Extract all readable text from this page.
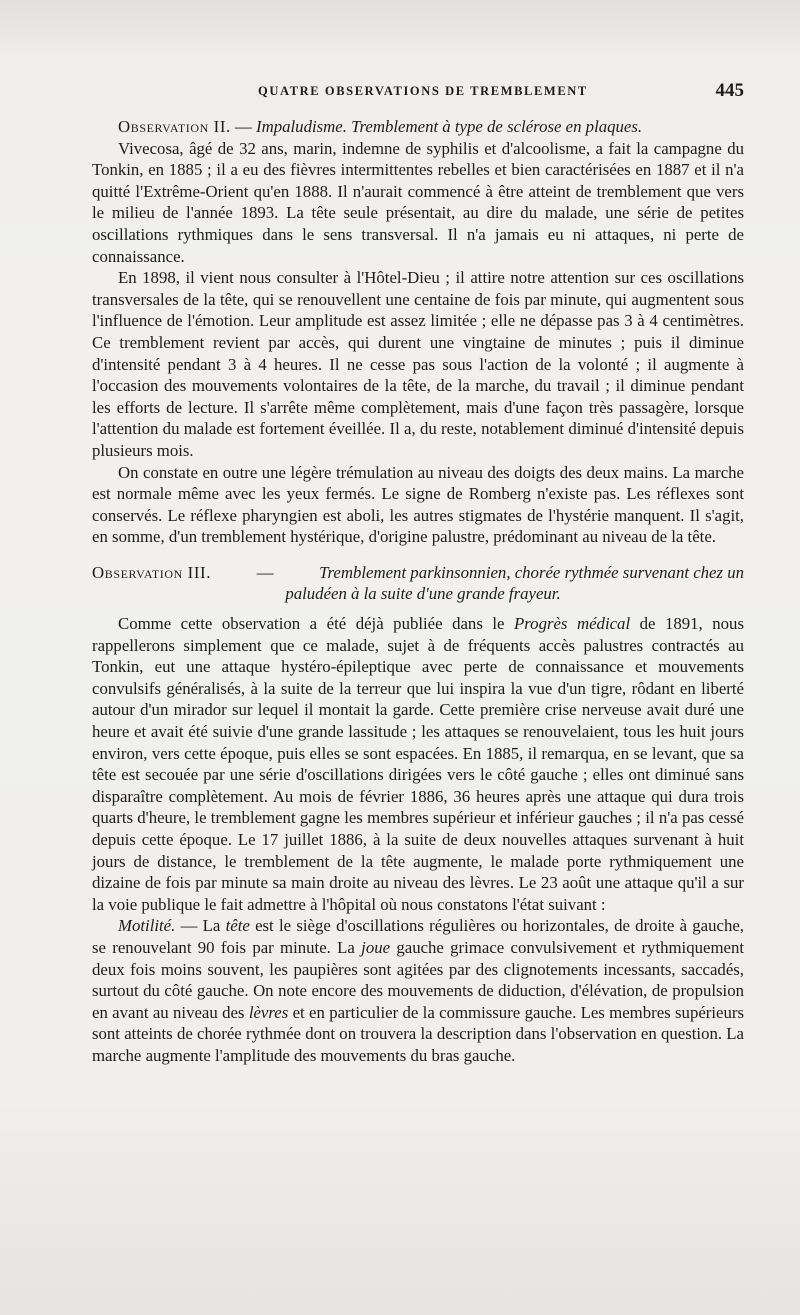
QUATRE OBSERVATIONS DE TREMBLEMENT	445

Observation II. — Impaludisme. Tremblement à type de sclérose en plaques.

Vivecosa, âgé de 32 ans, marin, indemne de syphilis et d'alcoolisme, a fait la campagne du Tonkin, en 1885 ; il a eu des fièvres intermittentes rebelles et bien caractérisées en 1887 et il n'a quitté l'Extrême-Orient qu'en 1888. Il n'aurait commencé à être atteint de tremblement que vers le milieu de l'année 1893. La tête seule présentait, au dire du malade, une série de petites oscillations rythmiques dans le sens transversal. Il n'a jamais eu ni attaques, ni perte de connaissance.

En 1898, il vient nous consulter à l'Hôtel-Dieu ; il attire notre attention sur ces oscillations transversales de la tête, qui se renouvellent une centaine de fois par minute, qui augmentent sous l'influence de l'émotion. Leur amplitude est assez limitée ; elle ne dépasse pas 3 à 4 centimètres. Ce tremblement revient par accès, qui durent une vingtaine de minutes ; puis il diminue d'intensité pendant 3 à 4 heures. Il ne cesse pas sous l'action de la volonté ; il augmente à l'occasion des mouvements volontaires de la tête, de la marche, du travail ; il diminue pendant les efforts de lecture. Il s'arrête même complètement, mais d'une façon très passagère, lorsque l'attention du malade est fortement éveillée. Il a, du reste, notablement diminué d'intensité depuis plusieurs mois.

On constate en outre une légère trémulation au niveau des doigts des deux mains. La marche est normale même avec les yeux fermés. Le signe de Romberg n'existe pas. Les réflexes sont conservés. Le réflexe pharyngien est aboli, les autres stigmates de l'hystérie manquent. Il s'agit, en somme, d'un tremblement hystérique, d'origine palustre, prédominant au niveau de la tête.

Observation III.	—	Tremblement parkinsonnien, chorée rythmée survenant chez un
paludéen à la suite d'une grande frayeur.

Comme cette observation a été déjà publiée dans le Progrès médical de 1891, nous rappellerons simplement que ce malade, sujet à de fréquents accès palustres contractés au Tonkin, eut une attaque hystéro-épileptique avec perte de connaissance et mouvements convulsifs généralisés, à la suite de la terreur que lui inspira la vue d'un tigre, rôdant en liberté autour d'un mirador sur lequel il montait la garde. Cette première crise nerveuse avait duré une heure et avait été suivie d'une grande lassitude ; les attaques se renouvelaient, tous les huit jours environ, vers cette époque, puis elles se sont espacées. En 1885, il remarqua, en se levant, que sa tête est secouée par une série d'oscillations dirigées vers le côté gauche ; elles ont diminué sans disparaître complètement. Au mois de février 1886, 36 heures après une attaque qui dura trois quarts d'heure, le tremblement gagne les membres supérieur et inférieur gauches ; il n'a pas cessé depuis cette époque. Le 17 juillet 1886, à la suite de deux nouvelles attaques survenant à huit jours de distance, le tremblement de la tête augmente, le malade porte rythmiquement une dizaine de fois par minute sa main droite au niveau des lèvres. Le 23 août une attaque qu'il a sur la voie publique le fait admettre à l'hôpital où nous constatons l'état suivant :

Motilité. — La tête est le siège d'oscillations régulières ou horizontales, de droite à gauche, se renouvelant 90 fois par minute. La joue gauche grimace convulsivement et rythmiquement deux fois moins souvent, les paupières sont agitées par des clignotements incessants, saccadés, surtout du côté gauche. On note encore des mouvements de diduction, d'élévation, de propulsion en avant au niveau des lèvres et en particulier de la commissure gauche. Les membres supérieurs sont atteints de chorée rythmée dont on trouvera la description dans l'observation en question. La marche augmente l'amplitude des mouvements du bras gauche.
